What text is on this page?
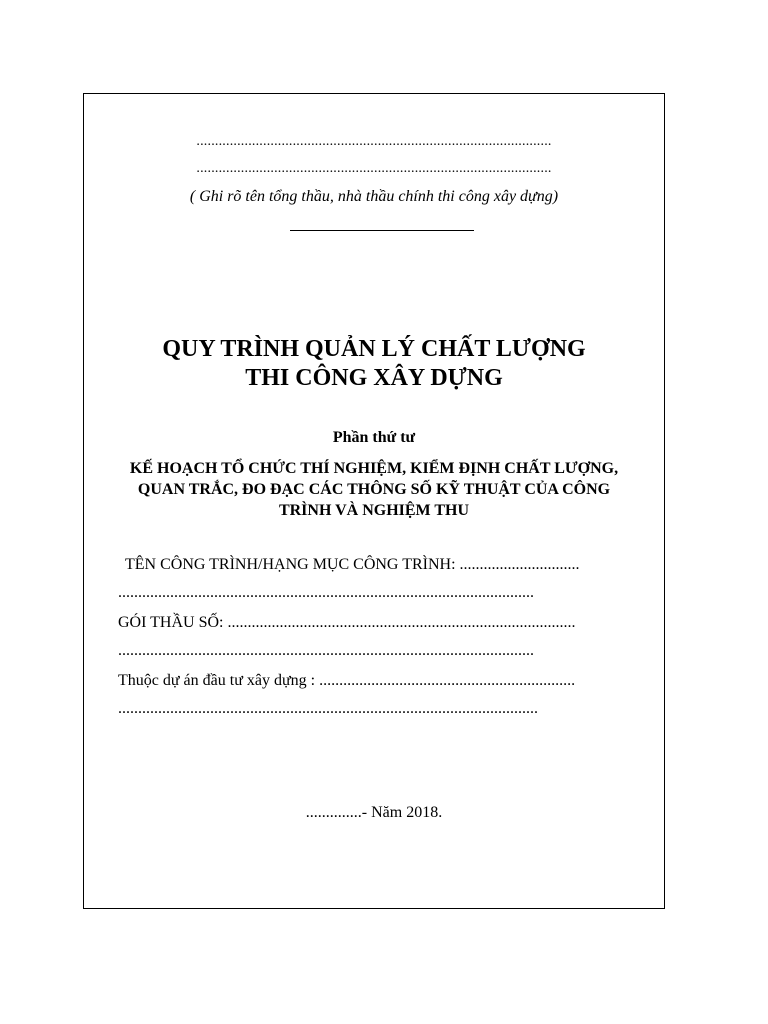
................................................................................................
................................................................................................
( Ghi rõ tên tổng thầu, nhà thầu chính thi công xây dựng)
QUY TRÌNH QUẢN LÝ CHẤT LƯỢNG
THI CÔNG XÂY DỰNG
Phần thứ tư
KẾ HOẠCH TỔ CHỨC THÍ NGHIỆM, KIỂM ĐỊNH CHẤT LƯỢNG,
QUAN TRẮC, ĐO ĐẠC CÁC THÔNG SỐ KỸ THUẬT CỦA CÔNG
TRÌNH VÀ NGHIỆM THU
TÊN CÔNG TRÌNH/HẠNG MỤC CÔNG TRÌNH: ..............................
........................................................................................................
GÓI THẦU SỐ: .......................................................................................
........................................................................................................
Thuộc dự án đầu tư xây dựng : ................................................................
.........................................................................................................
..............- Năm 2018.
